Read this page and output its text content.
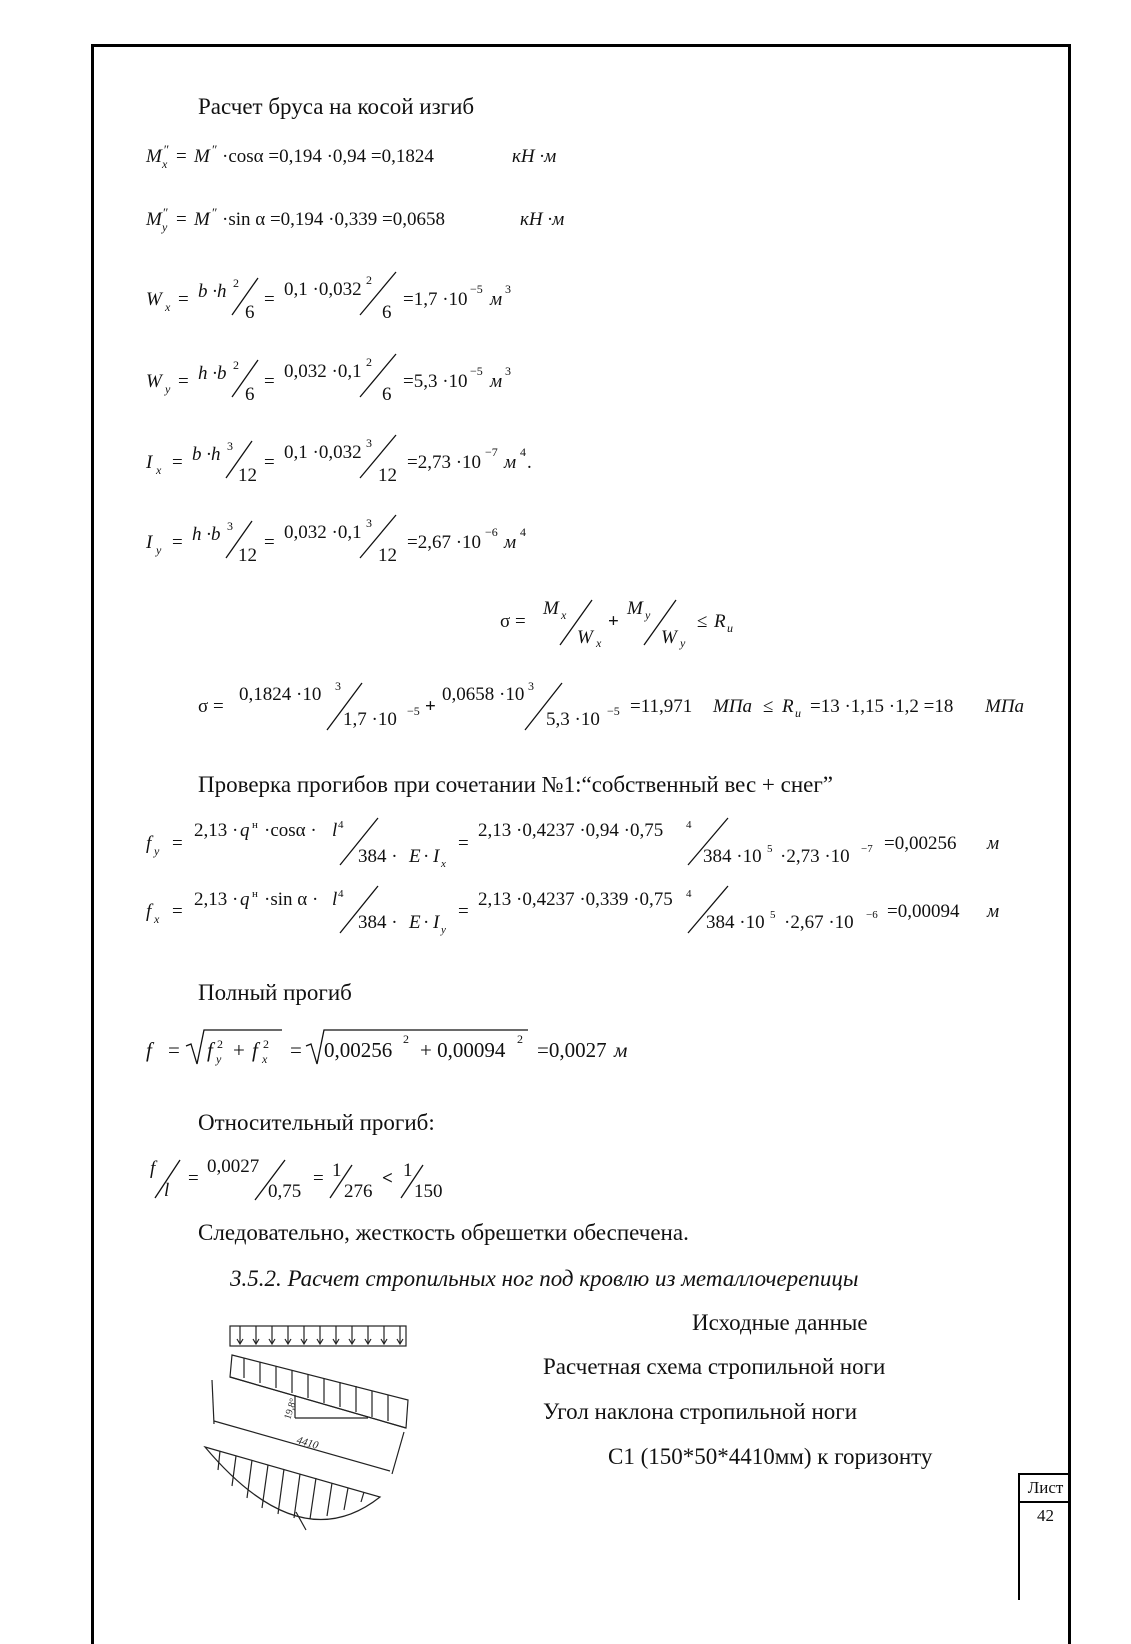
Расчет бруса на косой изгиб
M ″
x = M ″ ·cosα =0,194 ·0,94 =0,1824	кН ·м
M ″
y = M ″ ·sin α =0,194 ·0,339 =0,0658	кН ·м
W x = b ·h 2
6
= 0,1 ·0,032 2
6
=1,7 ·10 −5 м 3
W y = h ·b 2
6
= 0,032 ·0,1 2
6
=5,3 ·10 −5 м 3
I x = b ·h 3
12
= 0,1 ·0,032 3
12
=2,73 ·10 −7 м 4 .
I y = h ·b 3
12
= 0,032 ·0,1 3
12
=2,67 ·10 −6 м 4
σ =
M x
W x
+
M y
W y
≤ R и
σ =
0,1824 ·10 3
1,7 ·10 −5 +
0,0658 ·10 3
5,3 ·10 −5 =11,971 МПа ≤ R и =13 ·1,15 ·1,2 =18 МПа
Проверка прогибов при сочетании №1:“собственный вес + снег”
f y =
2,13 · q н ·cosα · l 4
384 · E · I x
=
2,13 ·0,4237 ·0,94 ·0,75 4
384 ·10 5 ·2,73 ·10 −7 =0,00256 м
f x =
2,13 · q н ·sin α · l 4
384 · E · I y
=
2,13 ·0,4237 ·0,339 ·0,75 4
384 ·10 5 ·2,67 ·10 −6 =0,00094 м
Полный прогиб
f = f 2
y + f 2
x = 0,00256 2 + 0,00094 2 =0,0027 м
Относительный прогиб:
f
l
=
0,0027
0,75
= 1
276
< 1
150
Следовательно, жесткость обрешетки обеспечена.
3.5.2. Расчет стропильных ног под кровлю из металлочерепицы
Исходные данные
Расчетная схема стропильной ноги
Угол наклона стропильной ноги
С1 (150*50*4410мм) к горизонту
19,8°
4410
Лист
42
